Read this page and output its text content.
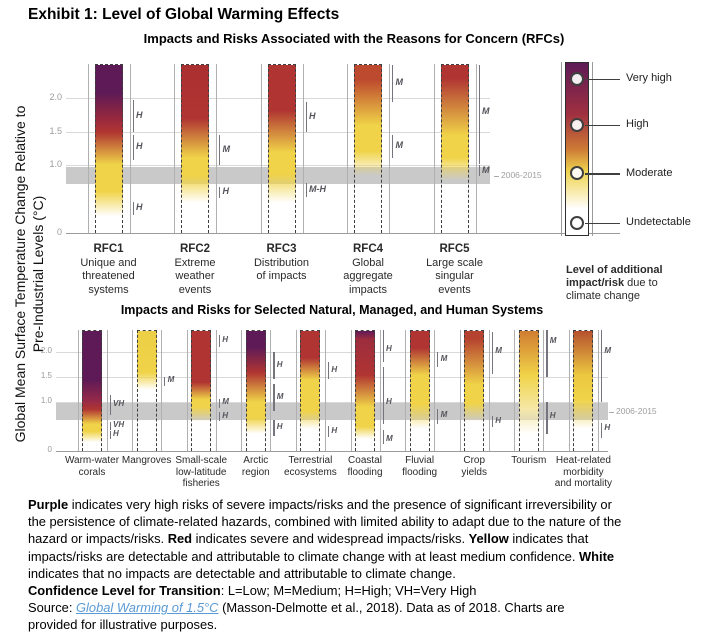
Exhibit 1: Level of Global Warming Effects
Impacts and Risks Associated with the Reasons for Concern (RFCs)
Global Mean Surface Temperature Change Relative to Pre-Industrial Levels (°C)
2.0
1.5
1.0
0
2006-2015
H
H
H
RFC1
Unique and
threatened
systems
H
M
RFC2
Extreme
weather
events
M-H
H
RFC3
Distribution
of impacts
M
M
RFC4
Global
aggregate
impacts
M
M
RFC5
Large scale
singular
events
2.0
1.5
1.0
0
2006-2015
H
VH
VH
Warm-water
corals
M
Mangroves
H
M
H
Small-scale
low-latitude
fisheries
H
M
H
Arctic
region
H
H
Terrestrial
ecosystems
M
H
H
Coastal
flooding
M
M
Fluvial
flooding
H
M
Crop
yields
H
M
Tourism
H
M
Heat-related
morbidity
and mortality
Very high
High
Moderate
Undetectable
Level of additional impact/risk due to climate change
Impacts and Risks for Selected Natural, Managed, and Human Systems
Purple indicates very high risks of severe impacts/risks and the presence of significant irreversibility or
the persistence of climate-related hazards, combined with limited ability to adapt due to the nature of the
hazard or impacts/risks. Red indicates severe and widespread impacts/risks. Yellow indicates that
impacts/risks are detectable and attributable to climate change with at least medium confidence. White
indicates that no impacts are detectable and attributable to climate change.
Confidence Level for Transition: L=Low; M=Medium; H=High; VH=Very High
Source: Global Warming of 1.5°C (Masson-Delmotte et al., 2018). Data as of 2018. Charts are
provided for illustrative purposes.
